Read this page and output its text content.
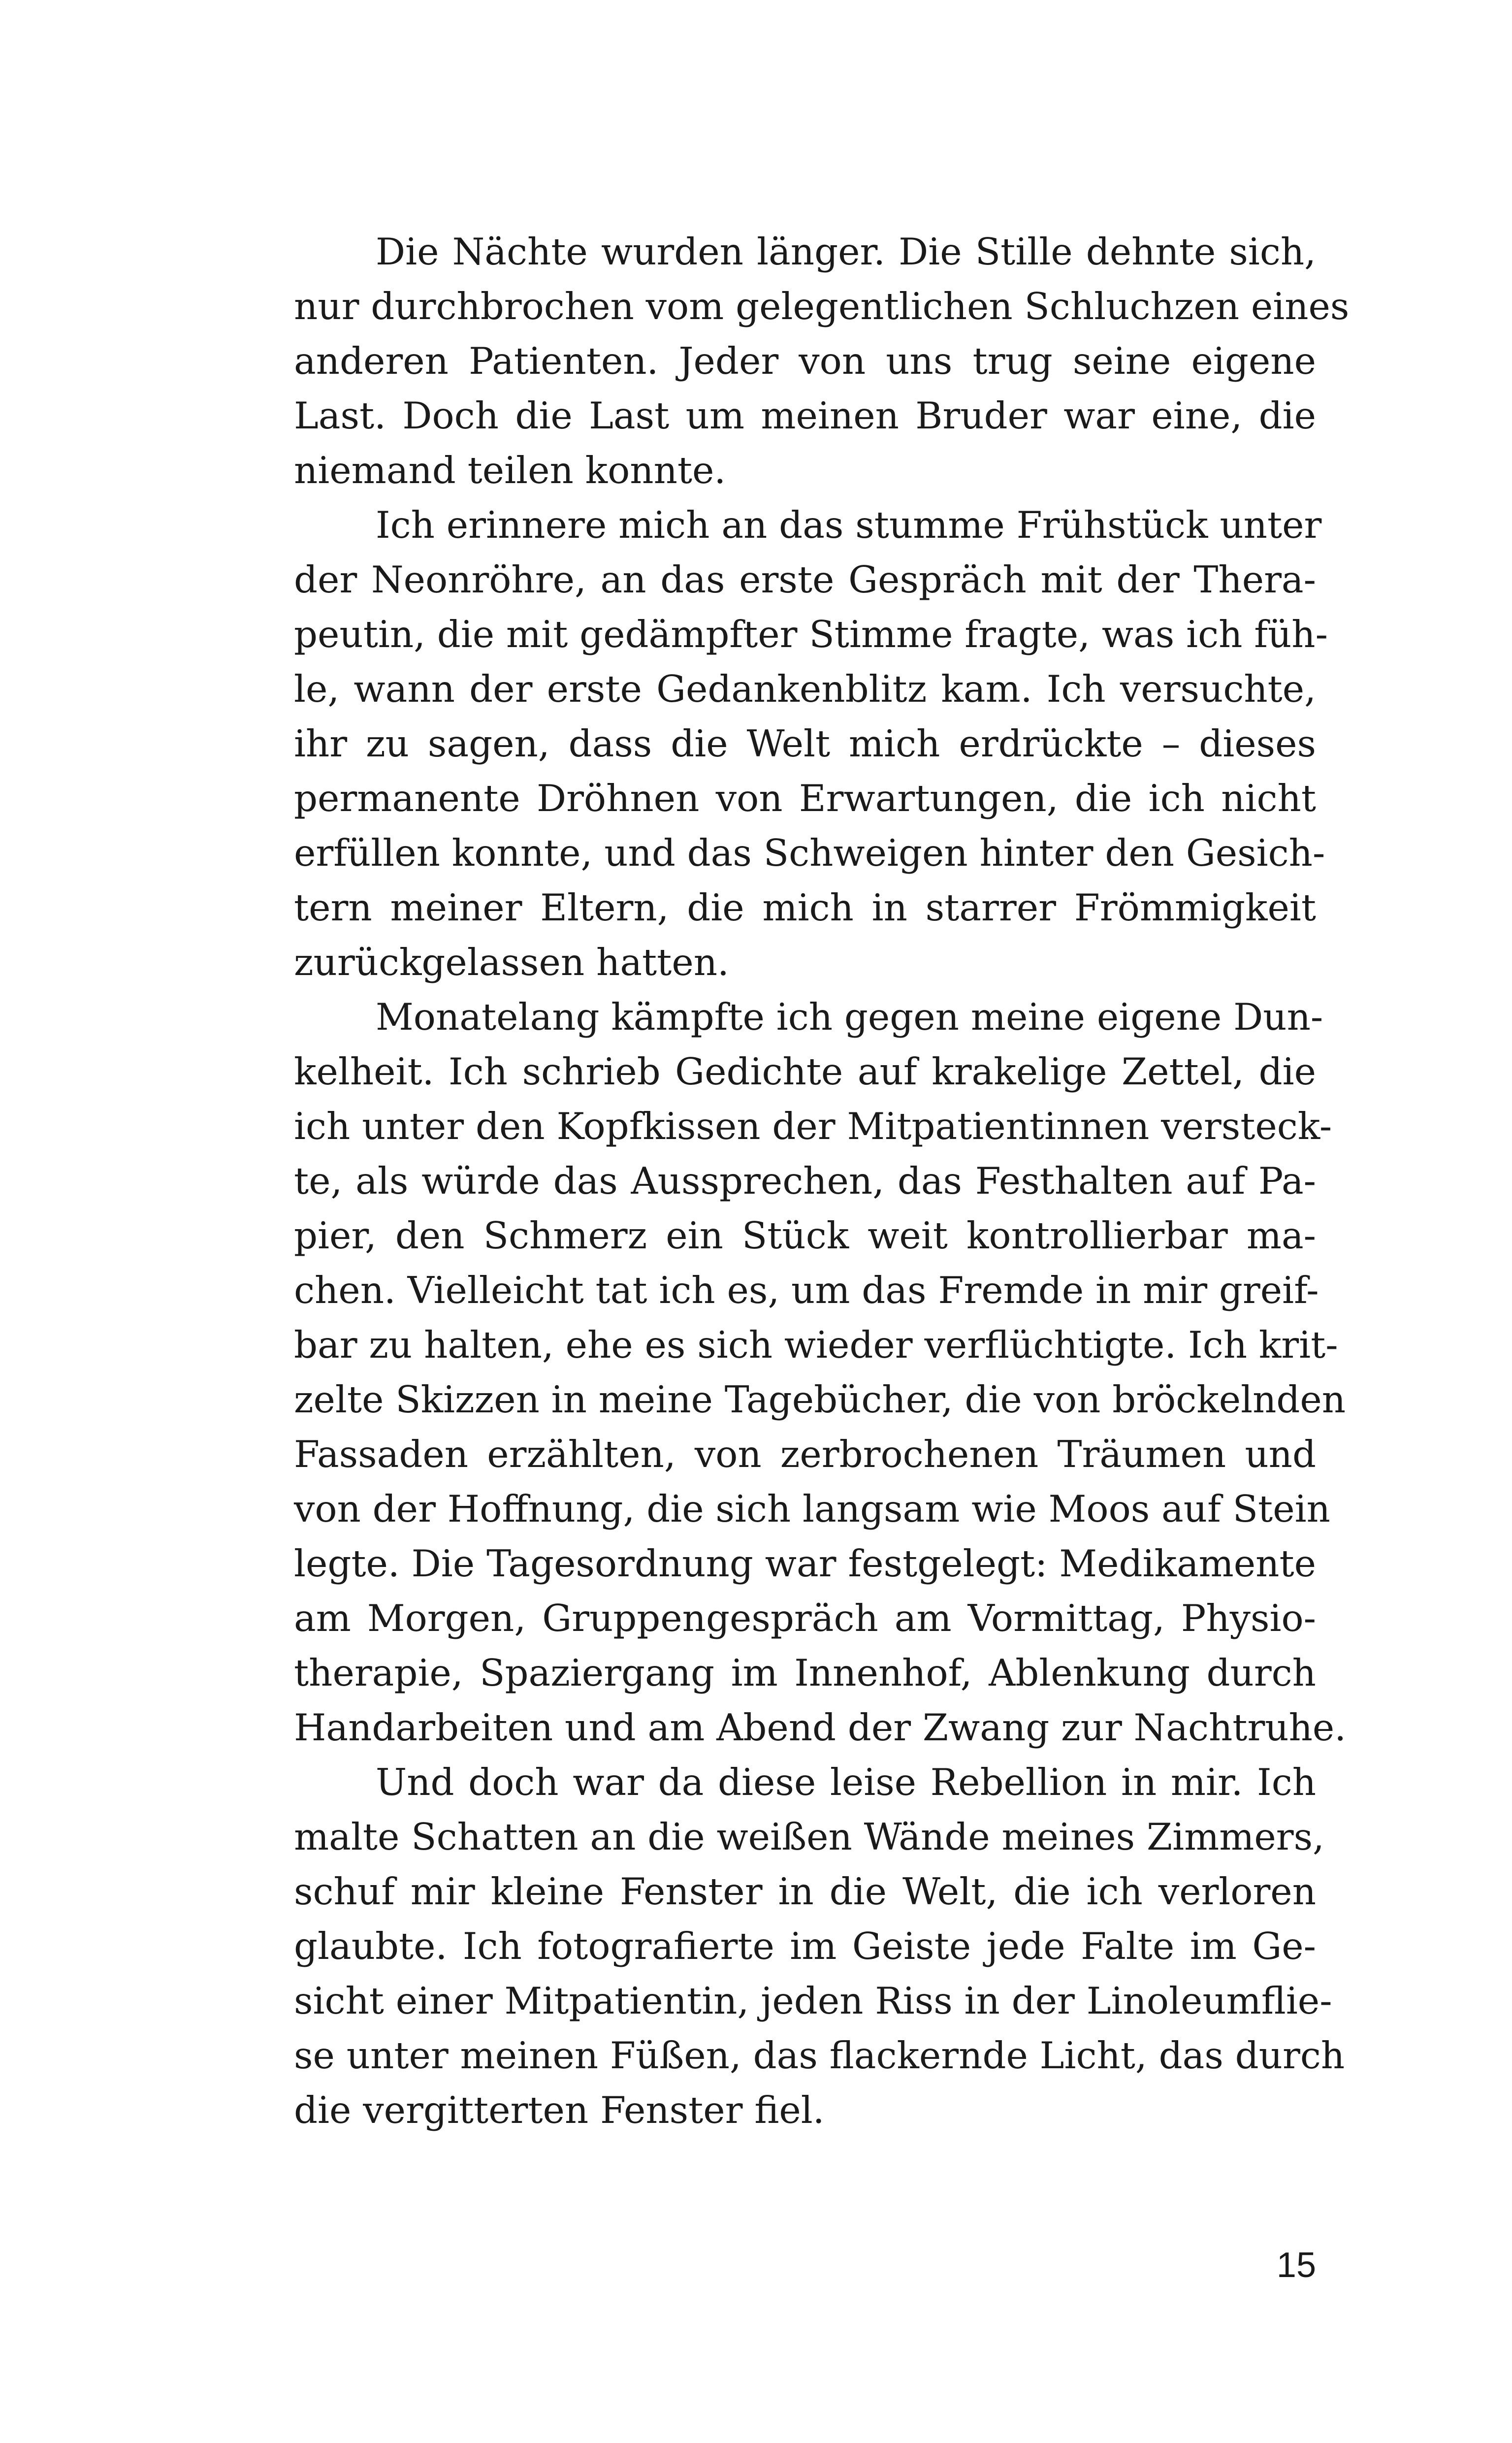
Die Nächte wurden länger. Die Stille dehnte sich,
nur durchbrochen vom gelegentlichen Schluchzen eines
anderen Patienten. Jeder von uns trug seine eigene
Last. Doch die Last um meinen Bruder war eine, die
niemand teilen konnte.
Ich erinnere mich an das stumme Frühstück unter
der Neonröhre, an das erste Gespräch mit der Thera-
peutin, die mit gedämpfter Stimme fragte, was ich füh-
le, wann der erste Gedankenblitz kam. Ich versuchte,
ihr zu sagen, dass die Welt mich erdrückte – dieses
permanente Dröhnen von Erwartungen, die ich nicht
erfüllen konnte, und das Schweigen hinter den Gesich-
tern meiner Eltern, die mich in starrer Frömmigkeit
zurückgelassen hatten.
Monatelang kämpfte ich gegen meine eigene Dun-
kelheit. Ich schrieb Gedichte auf krakelige Zettel, die
ich unter den Kopfkissen der Mitpatientinnen versteck-
te, als würde das Aussprechen, das Festhalten auf Pa-
pier, den Schmerz ein Stück weit kontrollierbar ma-
chen. Vielleicht tat ich es, um das Fremde in mir greif-
bar zu halten, ehe es sich wieder verflüchtigte. Ich krit-
zelte Skizzen in meine Tagebücher, die von bröckelnden
Fassaden erzählten, von zerbrochenen Träumen und
von der Hoffnung, die sich langsam wie Moos auf Stein
legte. Die Tagesordnung war festgelegt: Medikamente
am Morgen, Gruppengespräch am Vormittag, Physio-
therapie, Spaziergang im Innenhof, Ablenkung durch
Handarbeiten und am Abend der Zwang zur Nachtruhe.
Und doch war da diese leise Rebellion in mir. Ich
malte Schatten an die weißen Wände meines Zimmers,
schuf mir kleine Fenster in die Welt, die ich verloren
glaubte. Ich fotografierte im Geiste jede Falte im Ge-
sicht einer Mitpatientin, jeden Riss in der Linoleumflie-
se unter meinen Füßen, das flackernde Licht, das durch
die vergitterten Fenster fiel.
15
